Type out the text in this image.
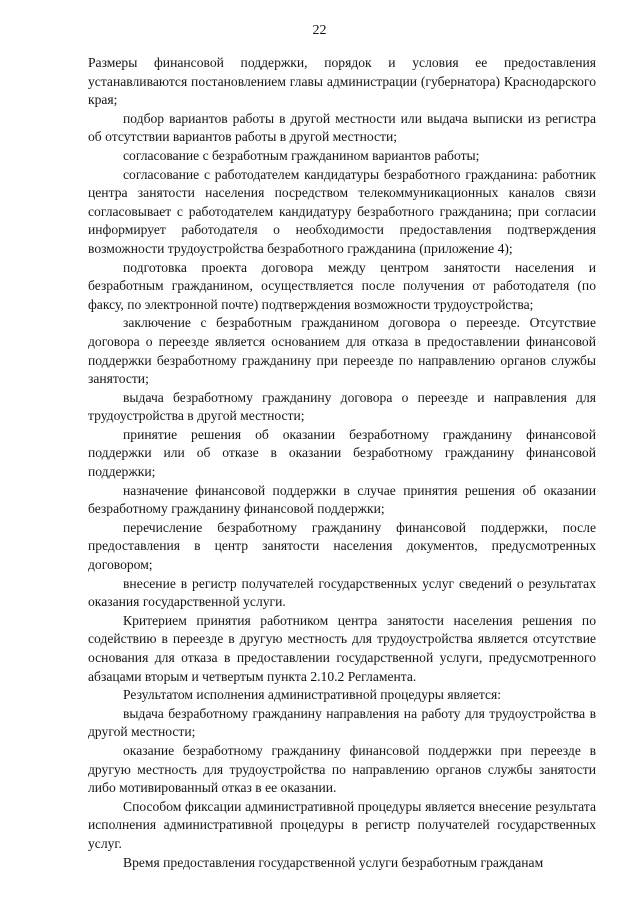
22

Размеры финансовой поддержки, порядок и условия ее предоставления устанавливаются постановлением главы администрации (губернатора) Краснодарского края;

подбор вариантов работы в другой местности или выдача выписки из регистра об отсутствии вариантов работы в другой местности;

согласование с безработным гражданином вариантов работы;

согласование с работодателем кандидатуры безработного гражданина: работник центра занятости населения посредством телекоммуникационных каналов связи согласовывает с работодателем кандидатуру безработного гражданина; при согласии информирует работодателя о необходимости предоставления подтверждения возможности трудоустройства безработного гражданина (приложение 4);

подготовка проекта договора между центром занятости населения и безработным гражданином, осуществляется после получения от работодателя (по факсу, по электронной почте) подтверждения возможности трудоустройства;

заключение с безработным гражданином договора о переезде. Отсутствие договора о переезде является основанием для отказа в предоставлении финансовой поддержки безработному гражданину при переезде по направлению органов службы занятости;

выдача безработному гражданину договора о переезде и направления для трудоустройства в другой местности;

принятие решения об оказании безработному гражданину финансовой поддержки или об отказе в оказании безработному гражданину финансовой поддержки;

назначение финансовой поддержки в случае принятия решения об оказании безработному гражданину финансовой поддержки;

перечисление безработному гражданину финансовой поддержки, после предоставления в центр занятости населения документов, предусмотренных договором;

внесение в регистр получателей государственных услуг сведений о результатах оказания государственной услуги.

Критерием принятия работником центра занятости населения решения по содействию в переезде в другую местность для трудоустройства является отсутствие основания для отказа в предоставлении государственной услуги, предусмотренного абзацами вторым и четвертым пункта 2.10.2 Регламента.

Результатом исполнения административной процедуры является:

выдача безработному гражданину направления на работу для трудоустройства в другой местности;

оказание безработному гражданину финансовой поддержки при переезде в другую местность для трудоустройства по направлению органов службы занятости либо мотивированный отказ в ее оказании.

Способом фиксации административной процедуры является внесение результата исполнения административной процедуры в регистр получателей государственных услуг.

Время предоставления государственной услуги безработным гражданам
